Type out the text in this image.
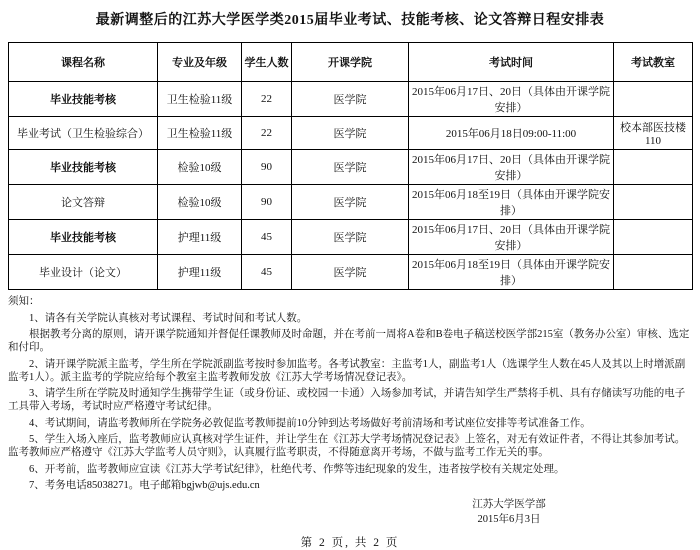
最新调整后的江苏大学医学类2015届毕业考试、技能考核、论文答辩日程安排表
课程名称	专业及年级	学生人数	开课学院	考试时间	考试教室
毕业技能考核	卫生检验11级	22	医学院	2015年06月17日、20日（具体由开课学院安排）	
毕业考试（卫生检验综合）	卫生检验11级	22	医学院	2015年06月18日09:00-11:00	校本部医技楼110
毕业技能考核	检验10级	90	医学院	2015年06月17日、20日（具体由开课学院安排）	
论文答辩	检验10级	90	医学院	2015年06月18至19日（具体由开课学院安排）	
毕业技能考核	护理11级	45	医学院	2015年06月17日、20日（具体由开课学院安排）	
毕业设计（论文）	护理11级	45	医学院	2015年06月18至19日（具体由开课学院安排）	
须知：

1、请各有关学院认真核对考试课程、考试时间和考试人数。

根据教考分离的原则，请开课学院通知并督促任课教师及时命题，并在考前一周将A卷和B卷电子稿送校医学部215室（教务办公室）审核、选定和付印。

2、请开课学院派主监考，学生所在学院派副监考按时参加监考。各考试教室：主监考1人，副监考1人（选课学生人数在45人及其以上时增派副监考1人）。派主监考的学院应给每个教室主监考教师发放《江苏大学考场情况登记表》。

3、请学生所在学院及时通知学生携带学生证（或身份证、或校园一卡通）入场参加考试，并请告知学生严禁将手机、具有存储读写功能的电子工具带入考场，考试时应严格遵守考试纪律。

4、考试期间，请监考教师所在学院务必敦促监考教师提前10分钟到达考场做好考前清场和考试座位安排等考试准备工作。

5、学生入场入座后，监考教师应认真核对学生证件，并让学生在《江苏大学考场情况登记表》上签名，对无有效证件者，不得让其参加考试。监考教师应严格遵守《江苏大学监考人员守则》，认真履行监考职责，不得随意离开考场，不做与监考工作无关的事。

6、开考前，监考教师应宣读《江苏大学考试纪律》，杜绝代考、作弊等违纪现象的发生，违者按学校有关规定处理。

7、考务电话85038271。电子邮箱bgjwb@ujs.edu.cn

江苏大学医学部
2015年6月3日
第 2 页, 共 2 页
